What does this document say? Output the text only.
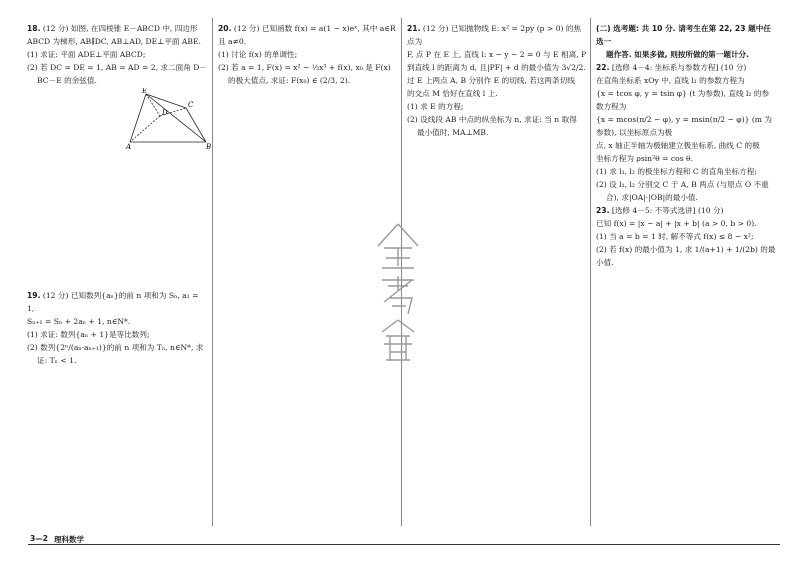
18. (12 分) 如图, 在四棱锥 E－ABCD 中, 四边形

ABCD 为梯形, AB∥DC, AB⊥AD, DE⊥平面 ABE.

(1) 求证: 平面 ADE⊥平面 ABCD;

(2) 若 DC = DE = 1, AB = AD = 2, 求二面角 D－

BC－E 的余弦值.

E
C
D
A	B

19. (12 分) 已知数列{aₙ}的前 n 项和为 Sₙ, a₁ = 1,

Sₙ₊₁ = Sₙ + 2aₙ + 1, n∈N*.

(1) 求证: 数列{aₙ + 1}是等比数列;

(2) 数列{2ⁿ/(aₙ·aₙ₊₁)}的前 n 项和为 Tₙ, n∈N*, 求

证: Tₙ < 1.

20. (12 分) 已知函数 f(x) = a(1 − x)eˣ, 其中 a∈R

且 a≠0.

(1) 讨论 f(x) 的单调性;

(2) 若 a = 1, F(x) = x² − ⅓x³ + f(x), x₀ 是 F(x)

的极大值点, 求证: F(x₀) ∈ (2/3, 2).

21. (12 分) 已知抛物线 E: x² = 2py (p > 0) 的焦点为

F, 点 P 在 E 上, 直线 l: x − y − 2 = 0 与 E 相离, P

到直线 l 的距离为 d, 且|PF| + d 的最小值为 3√2/2.

过 E 上两点 A, B 分别作 E 的切线, 若这两条切线

的交点 M 恰好在直线 l 上.

(1) 求 E 的方程;

(2) 设线段 AB 中点的纵坐标为 n, 求证: 当 n 取得

最小值时, MA⊥MB.

(二) 选考题: 共 10 分. 请考生在第 22, 23 题中任选一

题作答. 如果多做, 则按所做的第一题计分.

22. [选修 4－4: 坐标系与参数方程] (10 分)

在直角坐标系 xOy 中, 直线 l₁ 的参数方程为

{x = tcos φ, y = tsin φ} (t 为参数), 直线 l₂ 的参数方程为

{x = mcos(π/2 − φ), y = msin(π/2 − φ)} (m 为参数), 以坐标原点为极

点, x 轴正半轴为极轴建立极坐标系, 曲线 C 的极

坐标方程为 ρsin²θ = cos θ.

(1) 求 l₁, l₂ 的极坐标方程和 C 的直角坐标方程;

(2) 设 l₁, l₂ 分别交 C 于 A, B 两点 (与原点 O 不重

合), 求|OA|·|OB|的最小值.

23. [选修 4－5: 不等式选讲] (10 分)

已知 f(x) = |x − a| + |x + b| (a > 0, b > 0).

(1) 当 a = b = 1 时, 解不等式 f(x) ≤ 8 − x²;

(2) 若 f(x) 的最小值为 1, 求 1/(a+1) + 1/(2b) 的最小值.

3—2 理科数学
